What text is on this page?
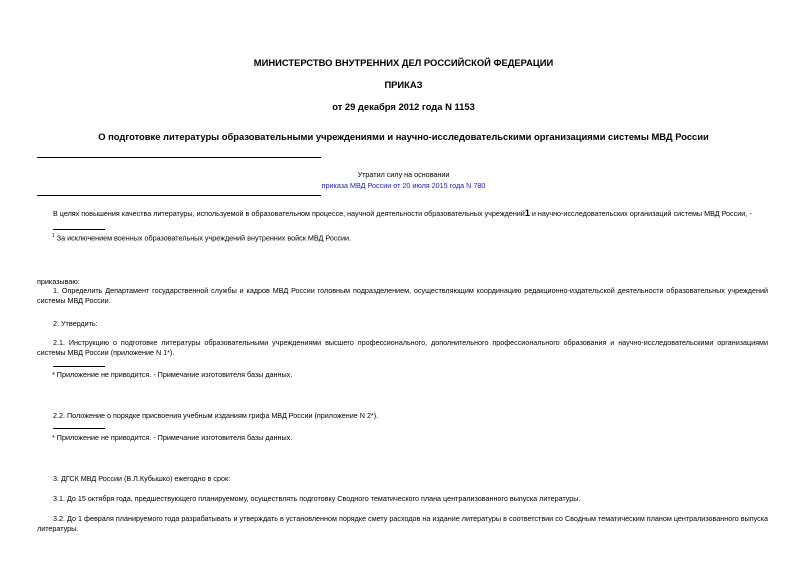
МИНИСТЕРСТВО ВНУТРЕННИХ ДЕЛ РОССИЙСКОЙ ФЕДЕРАЦИИ
ПРИКАЗ
от 29 декабря 2012 года N 1153
О подготовке литературы образовательными учреждениями и научно-исследовательскими организациями системы МВД России
Утратил силу на основании
приказа МВД России от 20 июля 2015 года N 780
В целях повышения качества литературы, используемой в образовательном процессе, научной деятельности образовательных учреждений1 и научно-исследовательских организаций системы МВД России, -
$^1$ За исключением военных образовательных учреждений внутренних войск МВД России.
приказываю:
1. Определить Департамент государственной службы и кадров МВД России головным подразделением, осуществляющим координацию редакционно-издательской деятельности образовательных учреждений системы МВД России.
2. Утвердить:
2.1. Инструкцию о подготовке литературы образовательными учреждениями высшего профессионального, дополнительного профессионального образования и научно-исследовательскими организациями системы МВД России (приложение N 1*).
* Приложение не приводится. - Примечание изготовителя базы данных.
2.2. Положение о порядке присвоения учебным изданиям грифа МВД России (приложение N 2*).
* Приложение не приводится. - Примечание изготовителя базы данных.
3. ДГСК МВД России (В.Л.Кубышко) ежегодно в срок:
3.1. До 15 октября года, предшествующего планируемому, осуществлять подготовку Сводного тематического плана централизованного выпуска литературы.
3.2. До 1 февраля планируемого года разрабатывать и утверждать в установленном порядке смету расходов на издание литературы в соответствии со Сводным тематическим планом централизованного выпуска литературы.
